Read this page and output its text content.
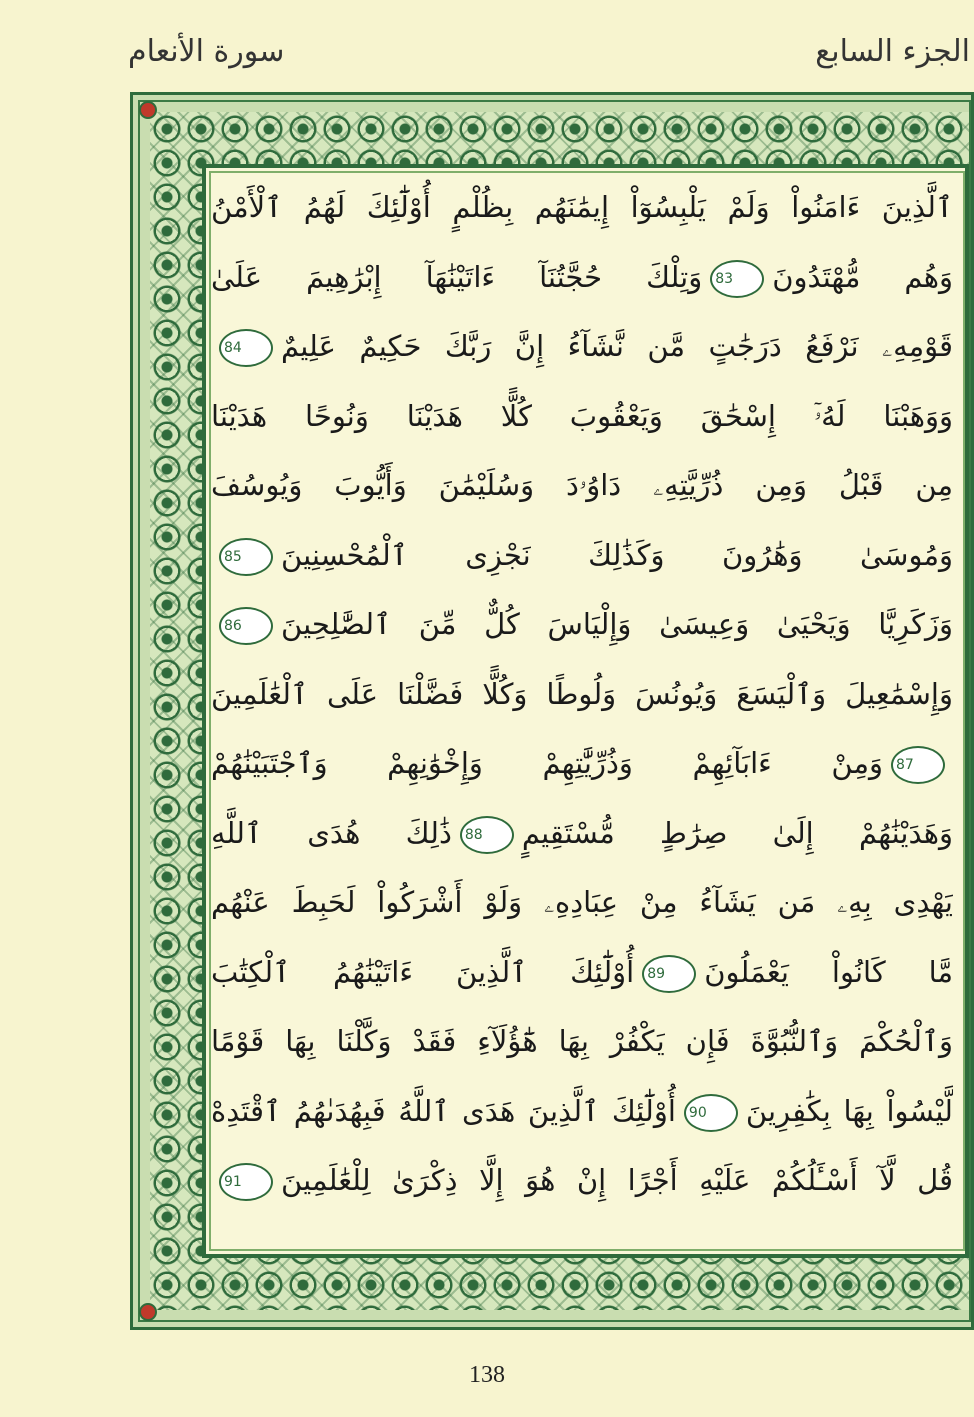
سورة الأنعام	الجزء السابع
ٱلَّذِينَ ءَامَنُواْ وَلَمْ يَلْبِسُوٓاْ إِيمَٰنَهُم بِظُلْمٍ أُوْلَٰٓئِكَ لَهُمُ ٱلْأَمْنُ
وَهُم مُّهْتَدُونَ83وَتِلْكَ حُجَّتُنَآ ءَاتَيْنَٰهَآ إِبْرَٰهِيمَ عَلَىٰ
قَوْمِهِۦ نَرْفَعُ دَرَجَٰتٍ مَّن نَّشَآءُ إِنَّ رَبَّكَ حَكِيمٌ عَلِيمٌ84
وَوَهَبْنَا لَهُۥٓ إِسْحَٰقَ وَيَعْقُوبَ كُلًّا هَدَيْنَا وَنُوحًا هَدَيْنَا
مِن قَبْلُ وَمِن ذُرِّيَّتِهِۦ دَاوُۥدَ وَسُلَيْمَٰنَ وَأَيُّوبَ وَيُوسُفَ
وَمُوسَىٰ وَهَٰرُونَ وَكَذَٰلِكَ نَجْزِى ٱلْمُحْسِنِينَ85
وَزَكَرِيَّا وَيَحْيَىٰ وَعِيسَىٰ وَإِلْيَاسَ كُلٌّ مِّنَ ٱلصَّٰلِحِينَ86
وَإِسْمَٰعِيلَ وَٱلْيَسَعَ وَيُونُسَ وَلُوطًا وَكُلًّا فَضَّلْنَا عَلَى ٱلْعَٰلَمِينَ
87وَمِنْ ءَابَآئِهِمْ وَذُرِّيَّٰتِهِمْ وَإِخْوَٰنِهِمْ وَٱجْتَبَيْنَٰهُمْ
وَهَدَيْنَٰهُمْ إِلَىٰ صِرَٰطٍ مُّسْتَقِيمٍ88ذَٰلِكَ هُدَى ٱللَّهِ
يَهْدِى بِهِۦ مَن يَشَآءُ مِنْ عِبَادِهِۦ وَلَوْ أَشْرَكُواْ لَحَبِطَ عَنْهُم
مَّا كَانُواْ يَعْمَلُونَ89أُوْلَٰٓئِكَ ٱلَّذِينَ ءَاتَيْنَٰهُمُ ٱلْكِتَٰبَ
وَٱلْحُكْمَ وَٱلنُّبُوَّةَ فَإِن يَكْفُرْ بِهَا هَٰٓؤُلَآءِ فَقَدْ وَكَّلْنَا بِهَا قَوْمًا
لَّيْسُواْ بِهَا بِكَٰفِرِينَ90أُوْلَٰٓئِكَ ٱلَّذِينَ هَدَى ٱللَّهُ فَبِهُدَىٰهُمُ ٱقْتَدِهْ
قُل لَّآ أَسْـَٔلُكُمْ عَلَيْهِ أَجْرًا إِنْ هُوَ إِلَّا ذِكْرَىٰ لِلْعَٰلَمِينَ91
138
